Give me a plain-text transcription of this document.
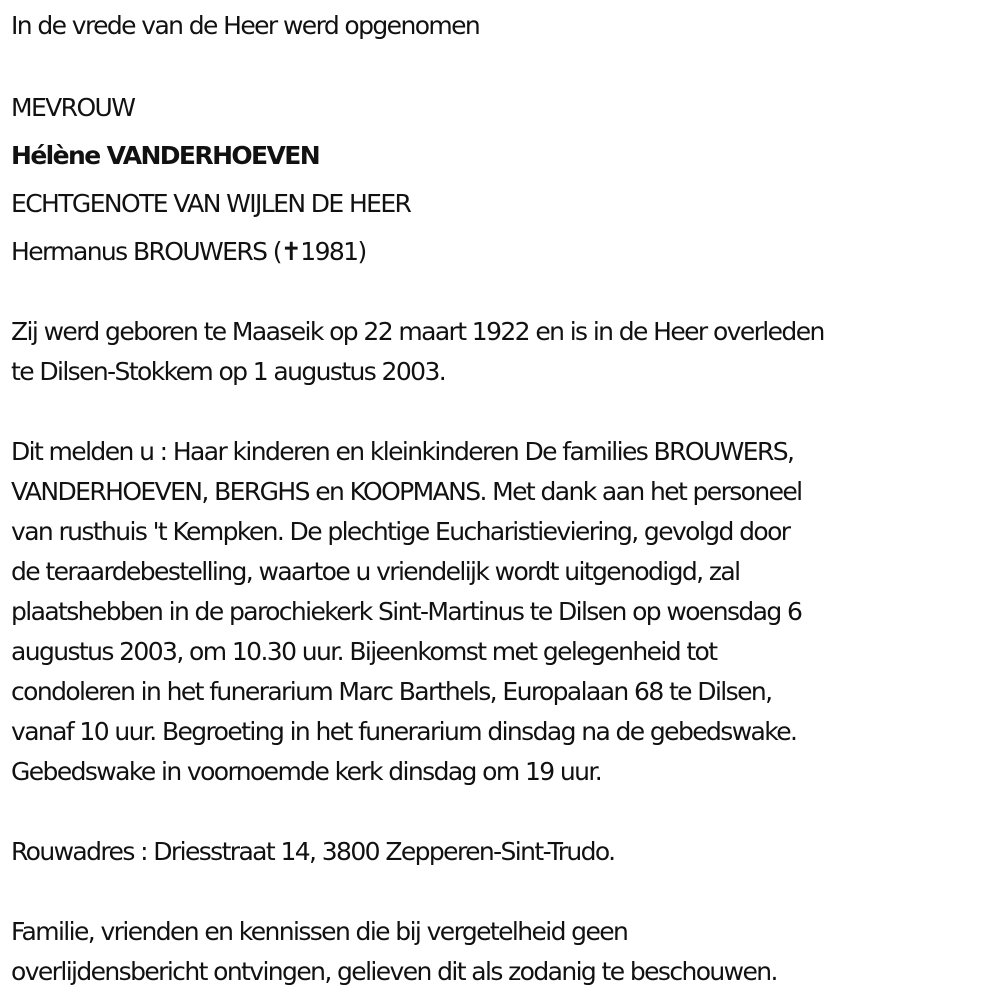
In de vrede van de Heer werd opgenomen
MEVROUW
Hélène VANDERHOEVEN
ECHTGENOTE VAN WIJLEN DE HEER
Hermanus BROUWERS (✝1981)
Zij werd geboren te Maaseik op 22 maart 1922 en is in de Heer overleden
te Dilsen-Stokkem op 1 augustus 2003.
Dit melden u : Haar kinderen en kleinkinderen De families BROUWERS,
VANDERHOEVEN, BERGHS en KOOPMANS. Met dank aan het personeel
van rusthuis 't Kempken. De plechtige Eucharistieviering, gevolgd door
de teraardebestelling, waartoe u vriendelijk wordt uitgenodigd, zal
plaatshebben in de parochiekerk Sint-Martinus te Dilsen op woensdag 6
augustus 2003, om 10.30 uur. Bijeenkomst met gelegenheid tot
condoleren in het funerarium Marc Barthels, Europalaan 68 te Dilsen,
vanaf 10 uur. Begroeting in het funerarium dinsdag na de gebedswake.
Gebedswake in voornoemde kerk dinsdag om 19 uur.
Rouwadres : Driesstraat 14, 3800 Zepperen-Sint-Trudo.
Familie, vrienden en kennissen die bij vergetelheid geen
overlijdensbericht ontvingen, gelieven dit als zodanig te beschouwen.
